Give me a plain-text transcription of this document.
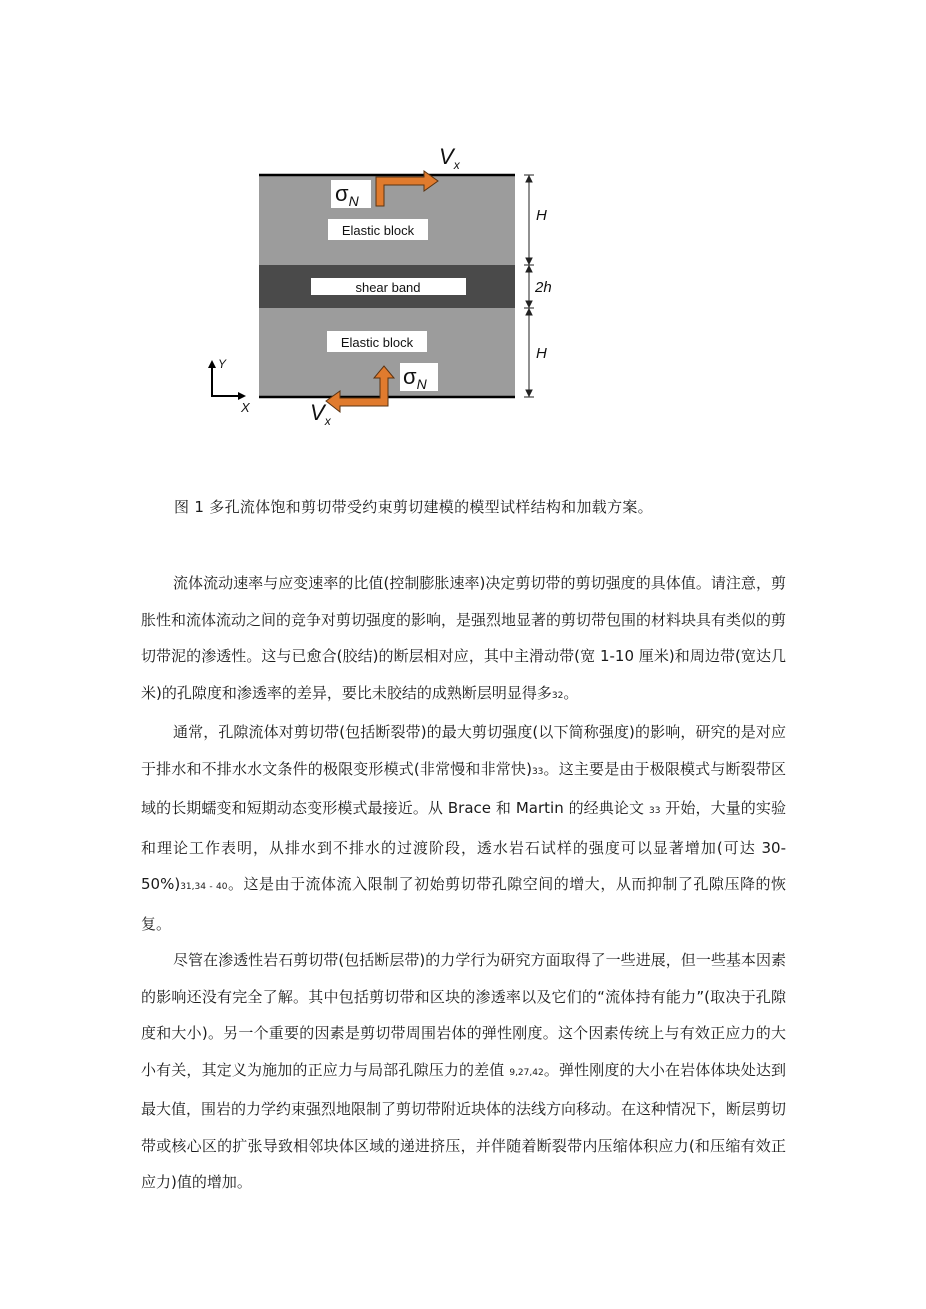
Elastic block
shear band
Elastic block
$\sigma_N$
$V_x$
$\sigma_N$
$V_x$
H
2h
H
Y
X
图 1 多孔流体饱和剪切带受约束剪切建模的模型试样结构和加载方案。

流体流动速率与应变速率的比值(控制膨胀速率)决定剪切带的剪切强度的具体值。请注意，剪胀性和流体流动之间的竞争对剪切强度的影响，是强烈地显著的剪切带包围的材料块具有类似的剪切带泥的渗透性。这与已愈合(胶结)的断层相对应，其中主滑动带(宽 1-10 厘米)和周边带(宽达几米)的孔隙度和渗透率的差异，要比未胶结的成熟断层明显得多32。

通常，孔隙流体对剪切带(包括断裂带)的最大剪切强度(以下简称强度)的影响，研究的是对应于排水和不排水水文条件的极限变形模式(非常慢和非常快)33。这主要是由于极限模式与断裂带区域的长期蠕变和短期动态变形模式最接近。从 Brace 和 Martin 的经典论文 33 开始，大量的实验和理论工作表明，从排水到不排水的过渡阶段，透水岩石试样的强度可以显著增加(可达 30-50%)31,34 - 40。这是由于流体流入限制了初始剪切带孔隙空间的增大，从而抑制了孔隙压降的恢复。

尽管在渗透性岩石剪切带(包括断层带)的力学行为研究方面取得了一些进展，但一些基本因素的影响还没有完全了解。其中包括剪切带和区块的渗透率以及它们的“流体持有能力”(取决于孔隙度和大小)。另一个重要的因素是剪切带周围岩体的弹性刚度。这个因素传统上与有效正应力的大小有关，其定义为施加的正应力与局部孔隙压力的差值 9,27,42。弹性刚度的大小在岩体体块处达到最大值，围岩的力学约束强烈地限制了剪切带附近块体的法线方向移动。在这种情况下，断层剪切带或核心区的扩张导致相邻块体区域的递进挤压，并伴随着断裂带内压缩体积应力(和压缩有效正应力)值的增加。
